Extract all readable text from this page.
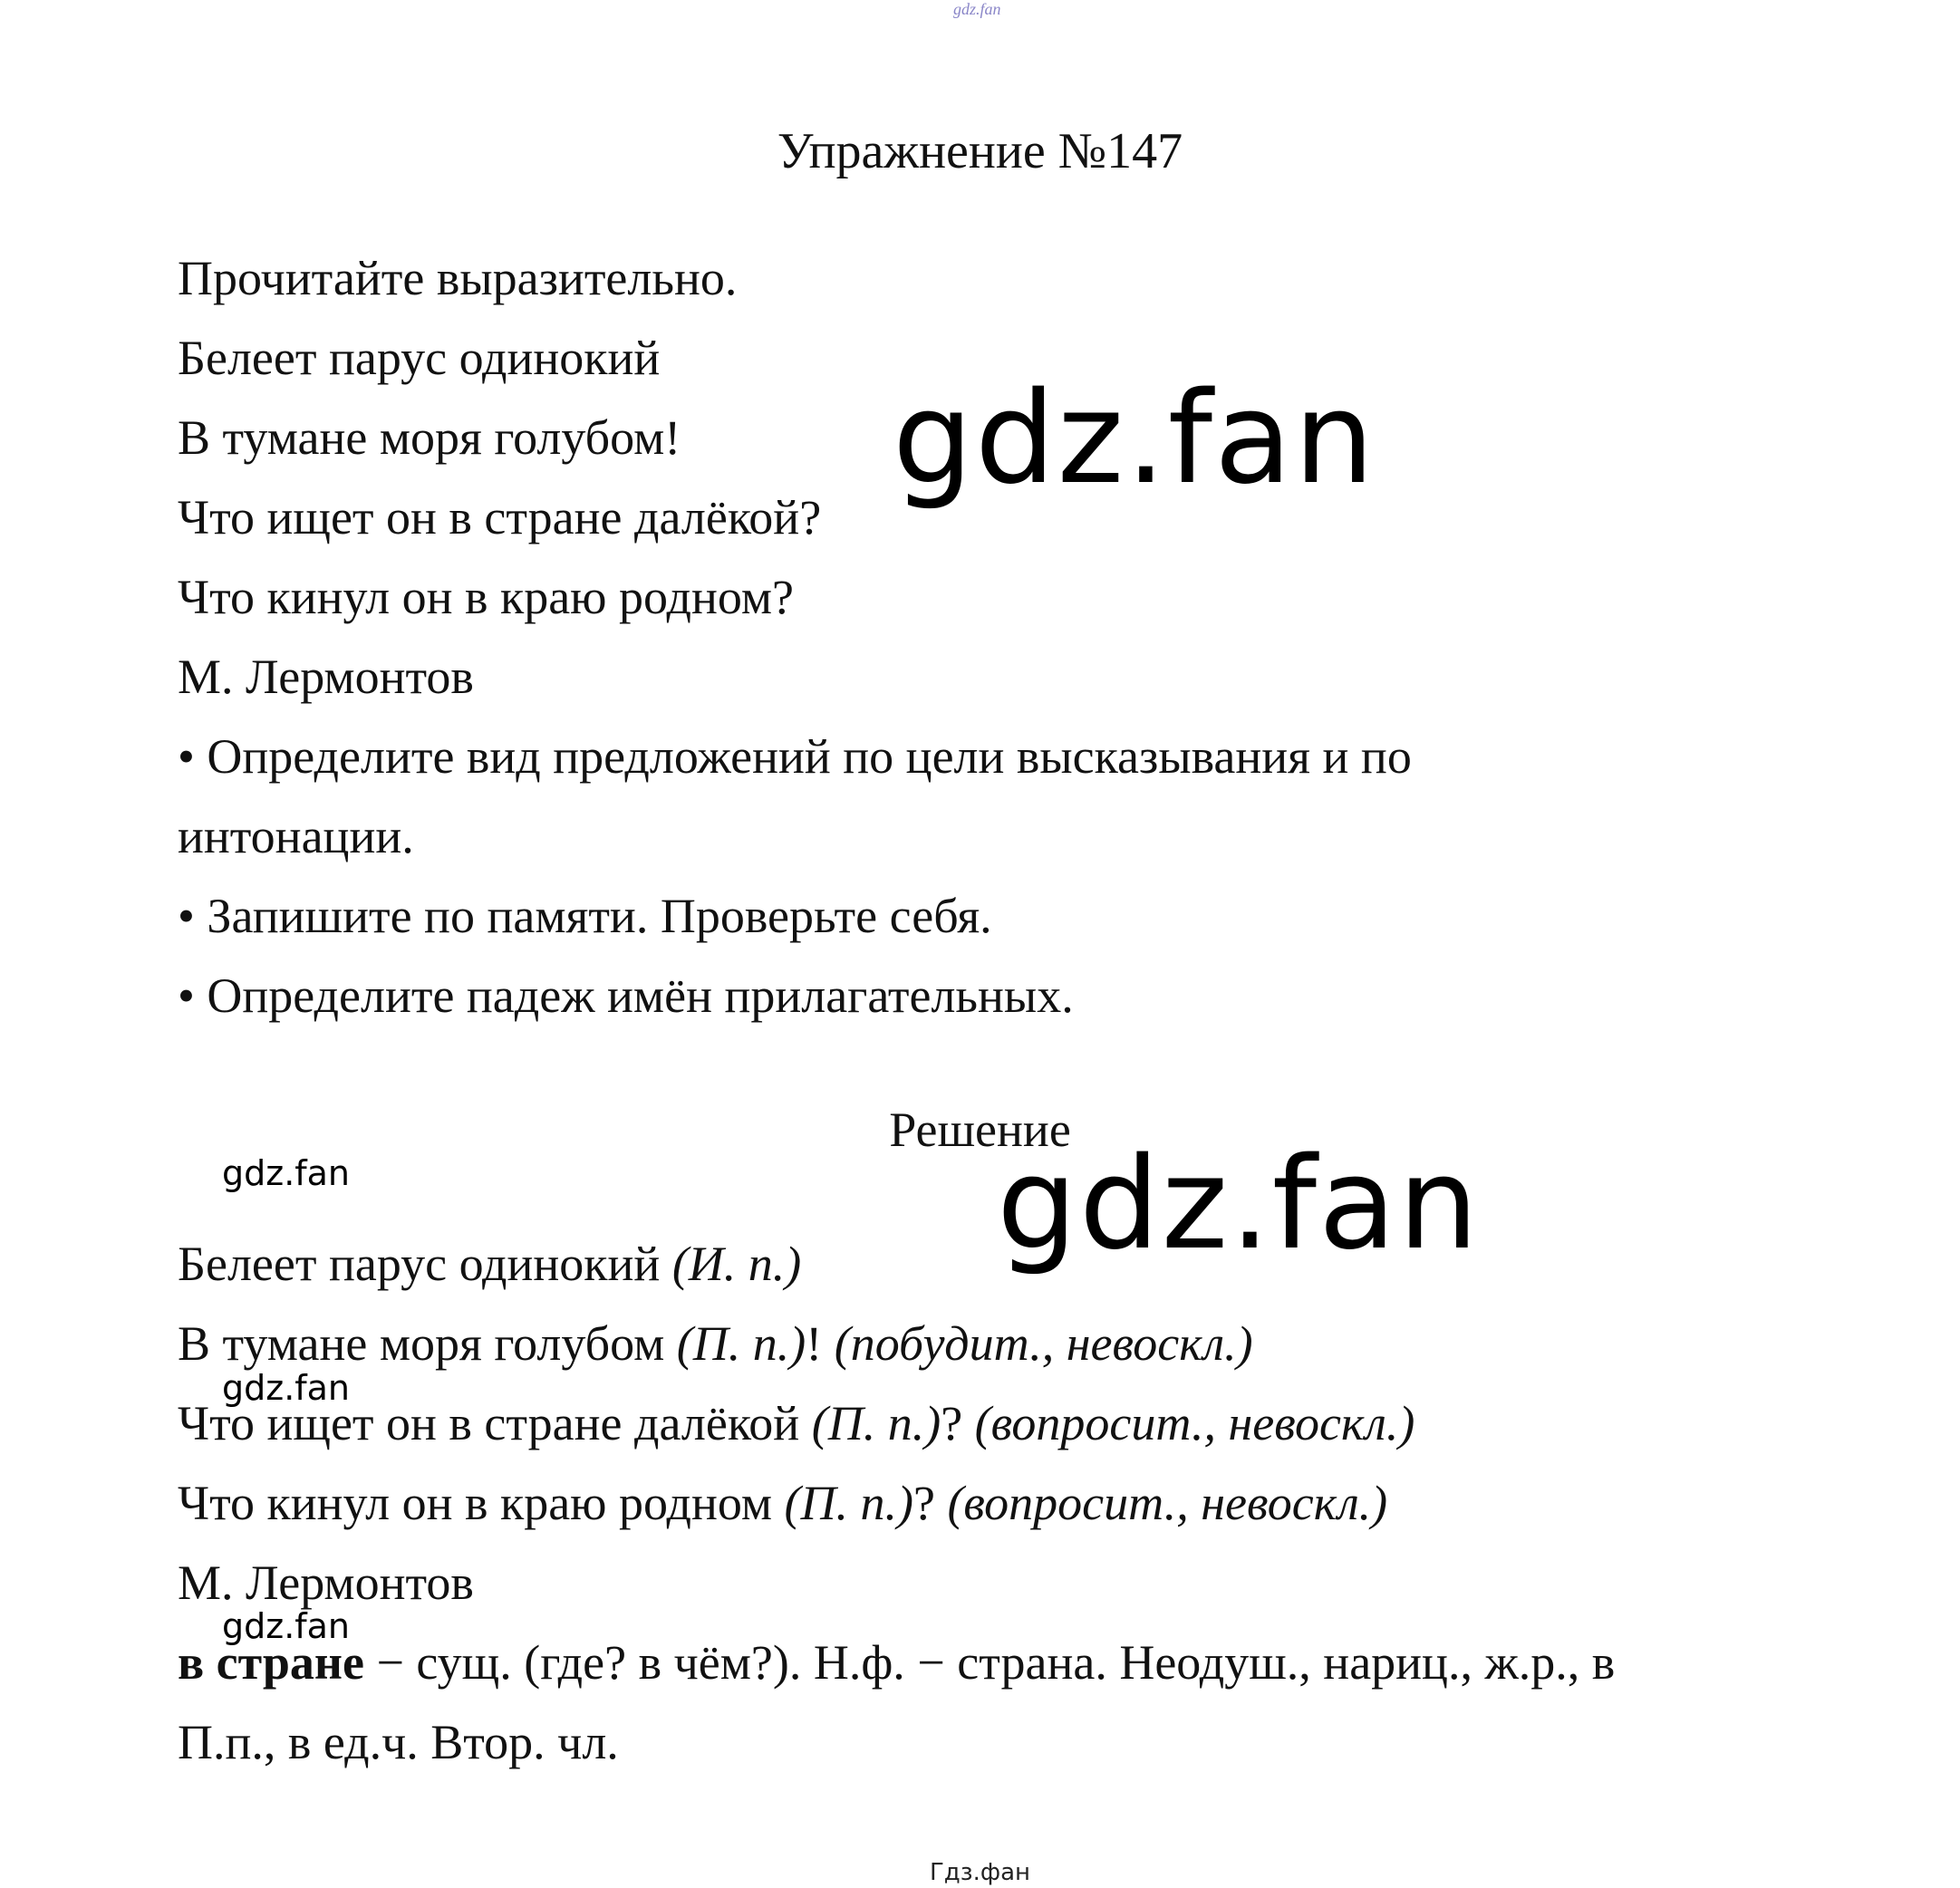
gdz.fan
Упражнение №147
Прочитайте выразительно.
Белеет парус одинокий
В тумане моря голубом!
Что ищет он в стране далёкой?
Что кинул он в краю родном?
М. Лермонтов
• Определите вид предложений по цели высказывания и по
интонации.
• Запишите по памяти. Проверьте себя.
• Определите падеж имён прилагательных.
gdz.fan
Решение
gdz.fan	gdz.fan
Белеет парус одинокий (И. п.)
В тумане моря голубом (П. п.)! (побудит., невоскл.)
Что ищет он в стране далёкой (П. п.)? (вопросит., невоскл.)
Что кинул он в краю родном (П. п.)? (вопросит., невоскл.)
М. Лермонтов
в стране − сущ. (где? в чём?). Н.ф. − страна. Неодуш., нариц., ж.р., в
П.п., в ед.ч. Втор. чл.
gdz.fan
gdz.fan
Гдз.фан
